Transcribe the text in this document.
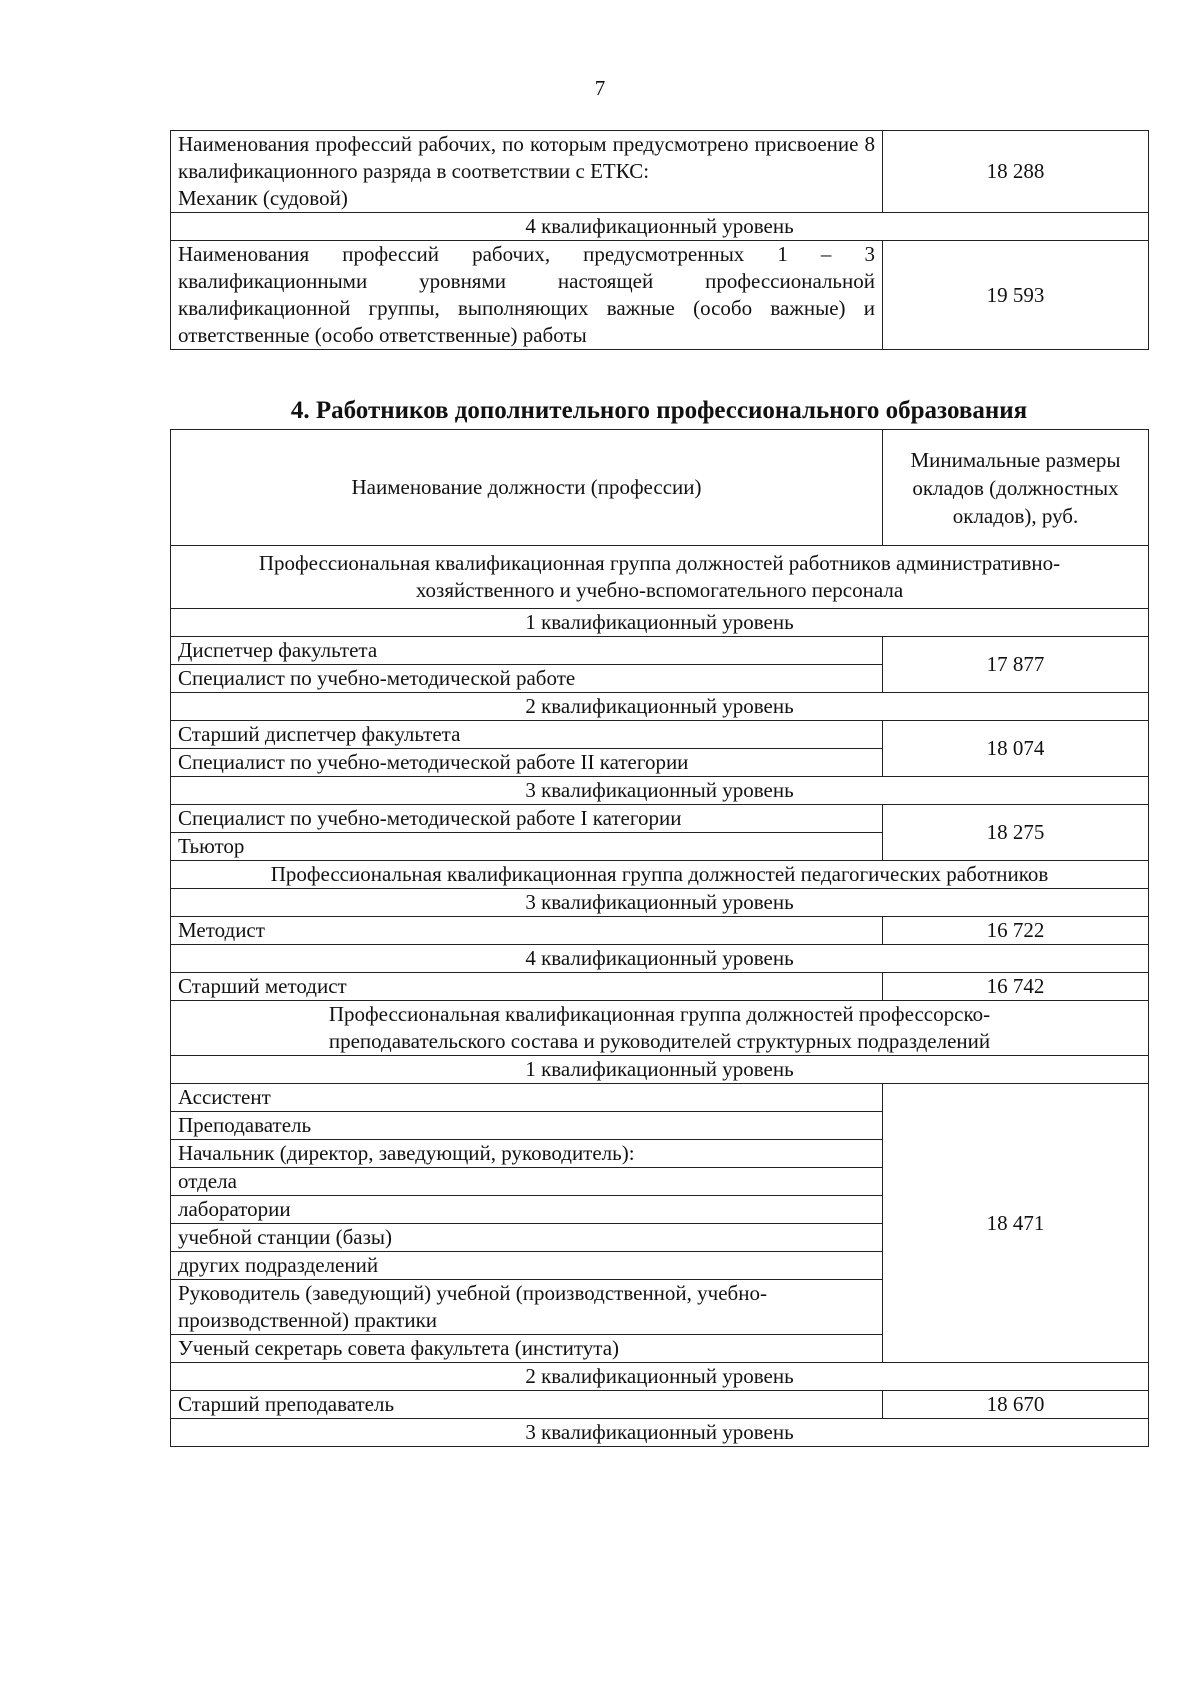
7
Наименования профессий рабочих, по которым предусмотрено присвоение 8 квалификационного разряда в соответствии с ЕТКС:
Механик (судовой)	18 288
4 квалификационный уровень	
Наименования профессий рабочих, предусмотренных 1 – 3 квалификационными уровнями настоящей профессиональной квалификационной группы, выполняющих важные (особо важные) и ответственные (особо ответственные) работы	19 593
4. Работников дополнительного профессионального образования
Наименование должности (профессии)	Минимальные размеры окладов (должностных окладов), руб.
Профессиональная квалификационная группа должностей работников административно-хозяйственного и учебно-вспомогательного персонала	
1 квалификационный уровень	
Диспетчер факультета	17 877
Специалист по учебно-методической работе	
2 квалификационный уровень	
Старший диспетчер факультета	18 074
Специалист по учебно-методической работе II категории	
3 квалификационный уровень	
Специалист по учебно-методической работе I категории	18 275
Тьютор	
Профессиональная квалификационная группа должностей педагогических работников	
3 квалификационный уровень	
Методист	16 722
4 квалификационный уровень	
Старший методист	16 742
Профессиональная квалификационная группа должностей профессорско-преподавательского состава и руководителей структурных подразделений	
1 квалификационный уровень	
Ассистент	18 471
Преподаватель	
Начальник (директор, заведующий, руководитель):	
отдела	
лаборатории	
учебной станции (базы)	
других подразделений	
Руководитель (заведующий) учебной (производственной, учебно-производственной) практики	
Ученый секретарь совета факультета (института)	
2 квалификационный уровень	
Старший преподаватель	18 670
3 квалификационный уровень	
